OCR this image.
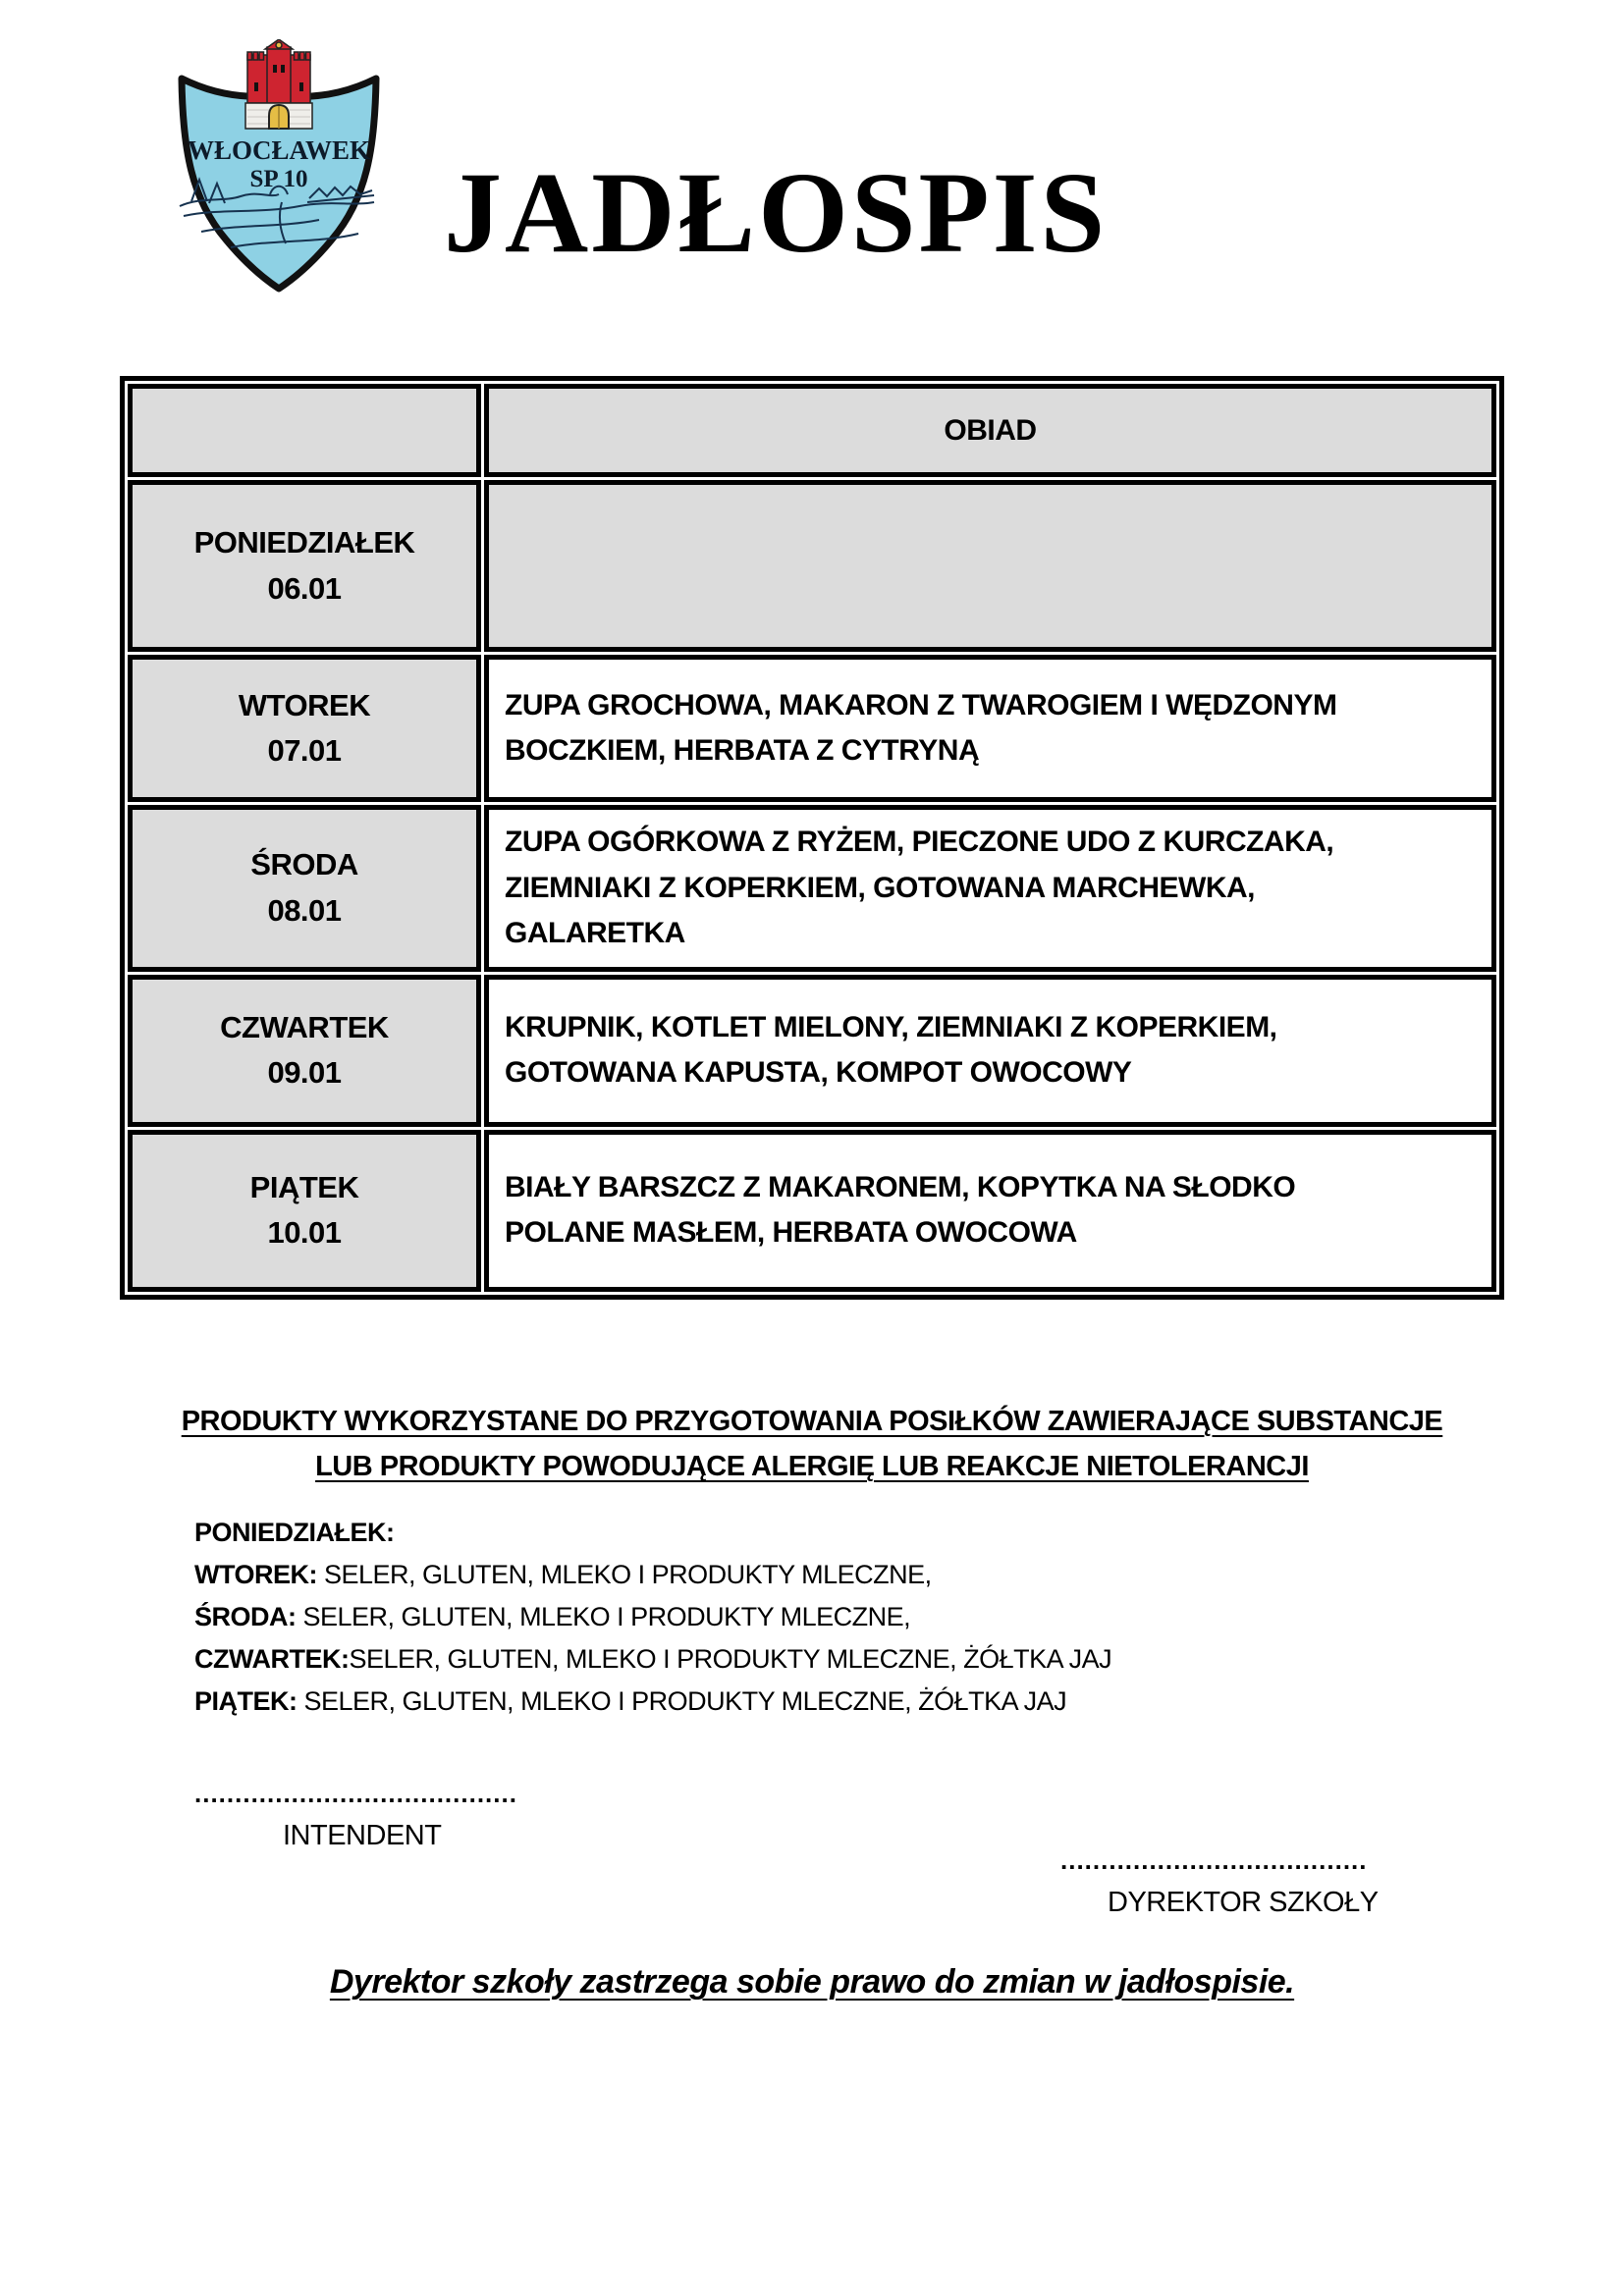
WŁOCŁAWEK
SP 10 JADŁOSPIS
	OBIAD

PONIEDZIAŁEK
06.01	

WTOREK
07.01	ZUPA GROCHOWA, MAKARON Z TWAROGIEM I WĘDZONYM BOCZKIEM, HERBATA Z CYTRYNĄ

ŚRODA
08.01	ZUPA OGÓRKOWA Z RYŻEM, PIECZONE UDO Z KURCZAKA, ZIEMNIAKI Z KOPERKIEM, GOTOWANA MARCHEWKA, GALARETKA

CZWARTEK
09.01	KRUPNIK, KOTLET MIELONY, ZIEMNIAKI Z KOPERKIEM, GOTOWANA KAPUSTA, KOMPOT OWOCOWY

PIĄTEK
10.01	BIAŁY BARSZCZ Z MAKARONEM, KOPYTKA NA SŁODKO POLANE MASŁEM, HERBATA OWOCOWA
PRODUKTY WYKORZYSTANE DO PRZYGOTOWANIA POSIŁKÓW ZAWIERAJĄCE SUBSTANCJE
LUB PRODUKTY POWODUJĄCE ALERGIĘ LUB REAKCJE NIETOLERANCJI
PONIEDZIAŁEK:
WTOREK: SELER, GLUTEN, MLEKO I PRODUKTY MLECZNE,
ŚRODA: SELER, GLUTEN, MLEKO I PRODUKTY MLECZNE,
CZWARTEK:SELER, GLUTEN, MLEKO I PRODUKTY MLECZNE, ŻÓŁTKA JAJ
PIĄTEK: SELER, GLUTEN, MLEKO I PRODUKTY MLECZNE, ŻÓŁTKA JAJ
........................................
INTENDENT
......................................
DYREKTOR SZKOŁY
Dyrektor szkoły zastrzega sobie prawo do zmian w jadłospisie.
